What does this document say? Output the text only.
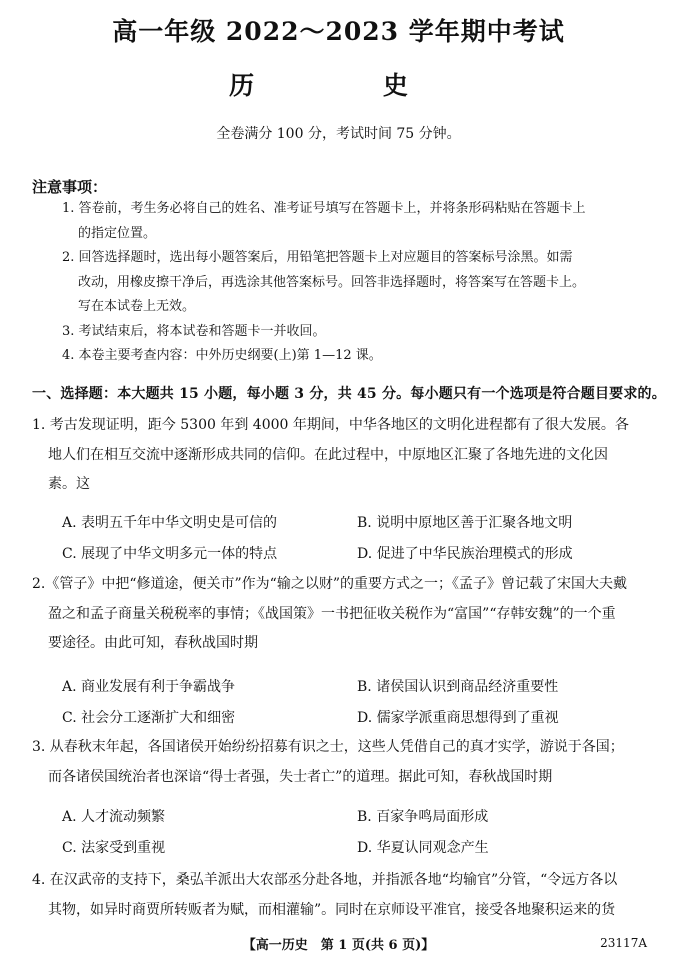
高一年级 2022～2023 学年期中考试
历 史
全卷满分 100 分，考试时间 75 分钟。
注意事项：

1. 答卷前，考生务必将自己的姓名、准考证号填写在答题卡上，并将条形码粘贴在答题卡上

的指定位置。

2. 回答选择题时，选出每小题答案后，用铅笔把答题卡上对应题目的答案标号涂黑。如需

改动，用橡皮擦干净后，再选涂其他答案标号。回答非选择题时，将答案写在答题卡上。

写在本试卷上无效。

3. 考试结束后，将本试卷和答题卡一并收回。

4. 本卷主要考查内容：中外历史纲要(上)第 1—12 课。

一、选择题：本大题共 15 小题，每小题 3 分，共 45 分。每小题只有一个选项是符合题目要求的。

1. 考古发现证明，距今 5300 年到 4000 年期间，中华各地区的文明化进程都有了很大发展。各

地人们在相互交流中逐渐形成共同的信仰。在此过程中，中原地区汇聚了各地先进的文化因

素。这

A. 表明五千年中华文明史是可信的	B. 说明中原地区善于汇聚各地文明
C. 展现了中华文明多元一体的特点	D. 促进了中华民族治理模式的形成

2.《管子》中把“修道途，便关市”作为“输之以财”的重要方式之一；《孟子》曾记载了宋国大夫戴

盈之和孟子商量关税税率的事情；《战国策》一书把征收关税作为“富国”“存韩安魏”的一个重

要途径。由此可知，春秋战国时期

A. 商业发展有利于争霸战争	B. 诸侯国认识到商品经济重要性
C. 社会分工逐渐扩大和细密	D. 儒家学派重商思想得到了重视

3. 从春秋末年起，各国诸侯开始纷纷招募有识之士，这些人凭借自己的真才实学，游说于各国；

而各诸侯国统治者也深谙“得士者强，失士者亡”的道理。据此可知，春秋战国时期

A. 人才流动频繁	B. 百家争鸣局面形成
C. 法家受到重视	D. 华夏认同观念产生

4. 在汉武帝的支持下，桑弘羊派出大农部丞分赴各地，并指派各地“均输官”分管，“令远方各以

其物，如异时商贾所转贩者为赋，而相灌输”。同时在京师设平准官，接受各地聚积运来的货

【高一历史　第 1 页(共 6 页)】	23117A
